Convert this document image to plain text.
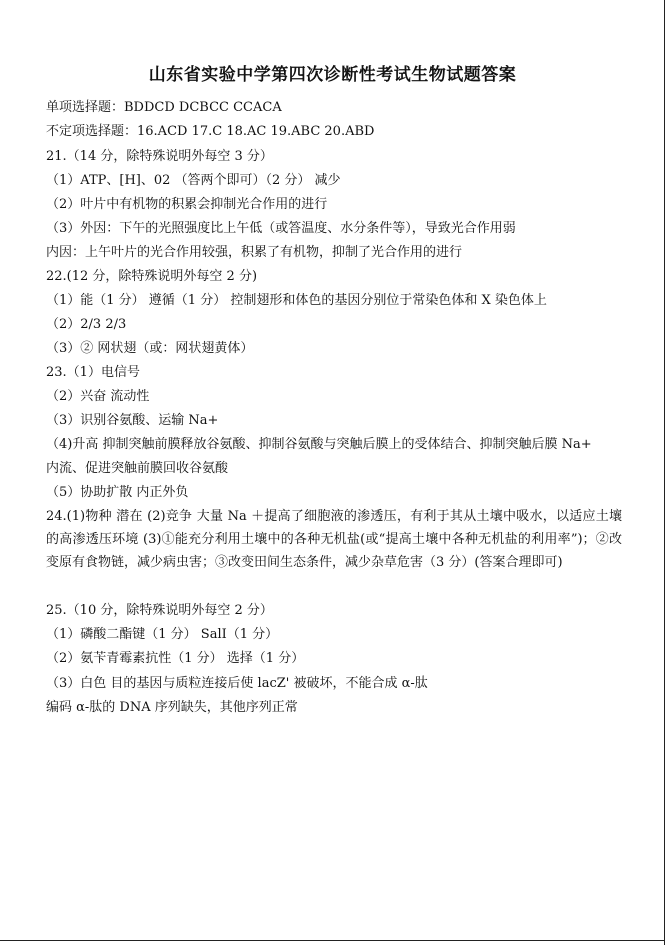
山东省实验中学第四次诊断性考试生物试题答案
单项选择题：BDDCD DCBCC CCACA
不定项选择题：16.ACD 17.C 18.AC 19.ABC 20.ABD
21.（14 分，除特殊说明外每空 3 分）
（1）ATP、[H]、02 （答两个即可）（2 分） 减少
（2）叶片中有机物的积累会抑制光合作用的进行
（3）外因：下午的光照强度比上午低（或答温度、水分条件等），导致光合作用弱
内因：上午叶片的光合作用较强，积累了有机物，抑制了光合作用的进行
22.(12 分，除特殊说明外每空 2 分)
（1）能（1 分） 遵循（1 分） 控制翅形和体色的基因分别位于常染色体和 X 染色体上
（2）2/3 2/3
（3）② 网状翅（或：网状翅黄体）
23.（1）电信号
（2）兴奋 流动性
（3）识别谷氨酸、运输 Na+
（4)升高 抑制突触前膜释放谷氨酸、抑制谷氨酸与突触后膜上的受体结合、抑制突触后膜 Na+
内流、促进突触前膜回收谷氨酸
（5）协助扩散 内正外负
24.(1)物种 潜在 (2)竞争 大量 Na ＋提高了细胞液的渗透压，有利于其从土壤中吸水，以适应土壤的高渗透压环境 (3)①能充分利用土壤中的各种无机盐(或“提高土壤中各种无机盐的利用率”)；②改变原有食物链，减少病虫害；③改变田间生态条件，减少杂草危害（3 分）(答案合理即可)
25.（10 分，除特殊说明外每空 2 分）
（1）磷酸二酯键（1 分） SalI（1 分）
（2）氨苄青霉素抗性（1 分） 选择（1 分）
（3）白色 目的基因与质粒连接后使 lacZ' 被破坏，不能合成 α-肽
编码 α-肽的 DNA 序列缺失，其他序列正常
